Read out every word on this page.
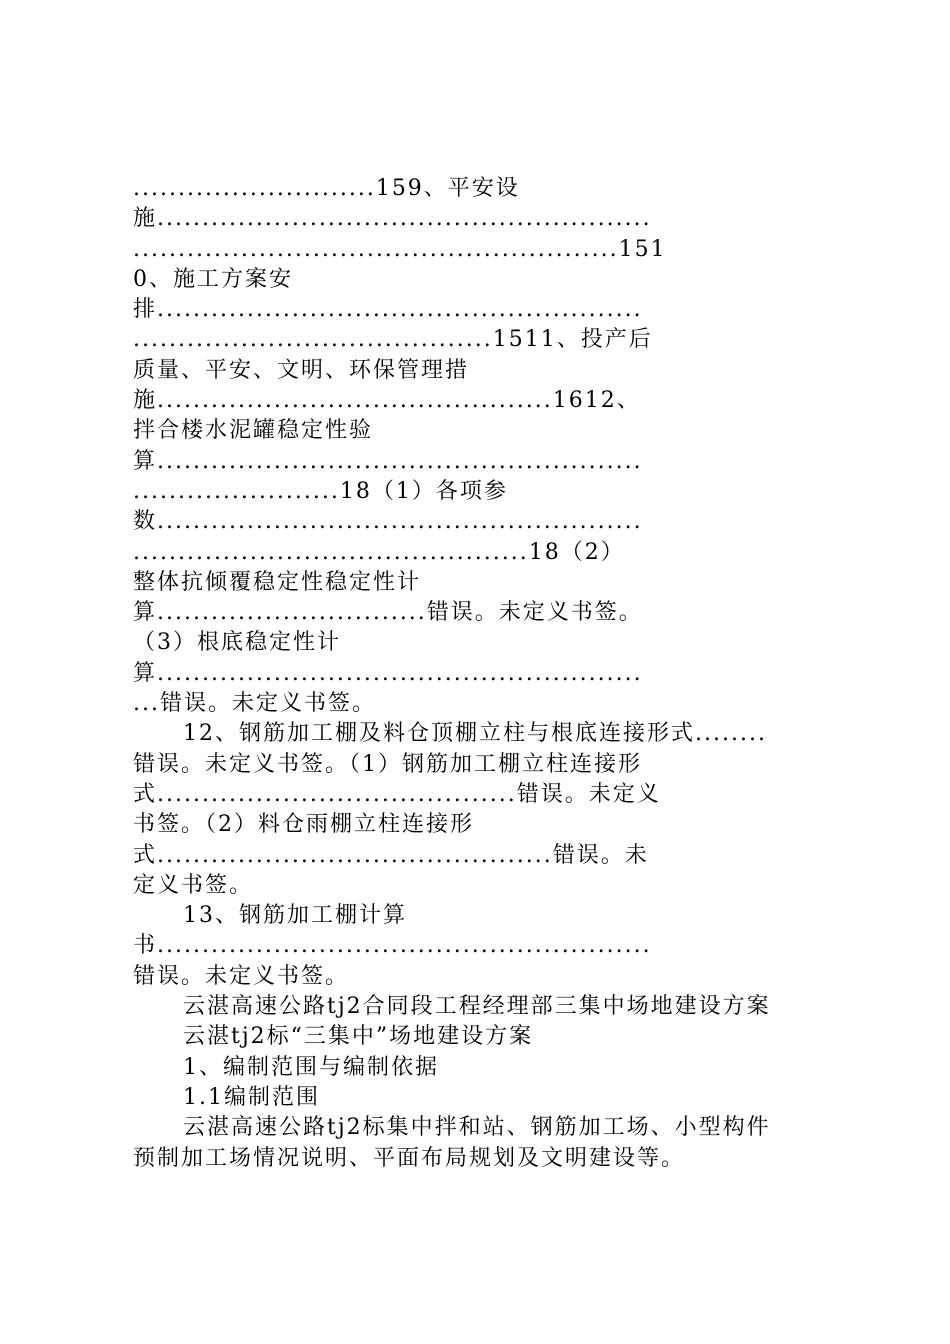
...........................159、平安设
施.......................................................
......................................................151
0、施工方案安
排......................................................
........................................1511、投产后
质量、平安、文明、环保管理措
施............................................1612、
拌合楼水泥罐稳定性验
算......................................................
.......................18（1）各项参
数......................................................
............................................18（2）
整体抗倾覆稳定性稳定性计
算..............................错误。未定义书签。
（3）根底稳定性计
算......................................................
...错误。未定义书签。
12、钢筋加工棚及料仓顶棚立柱与根底连接形式........
错误。未定义书签。（1）钢筋加工棚立柱连接形
式........................................错误。未定义
书签。（2）料仓雨棚立柱连接形
式............................................错误。未
定义书签。
13、钢筋加工棚计算
书.......................................................
错误。未定义书签。
云湛高速公路tj2合同段工程经理部三集中场地建设方案
云湛tj2标“三集中”场地建设方案
1、编制范围与编制依据
1.1编制范围
云湛高速公路tj2标集中拌和站、钢筋加工场、小型构件
预制加工场情况说明、平面布局规划及文明建设等。
